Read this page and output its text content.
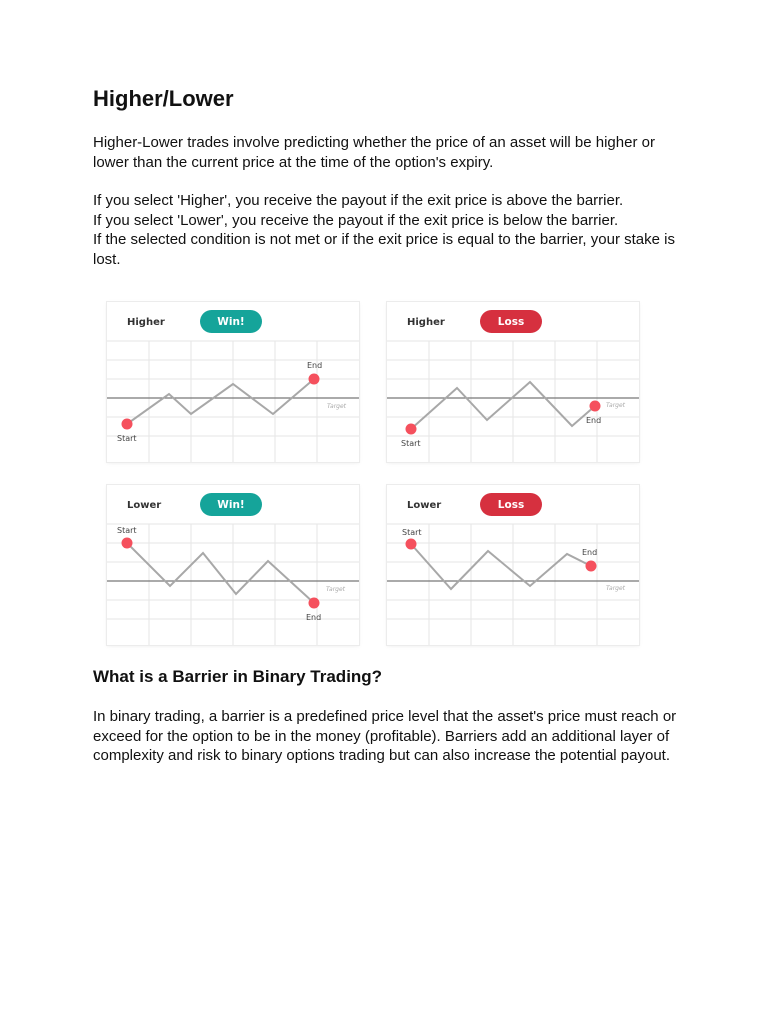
Higher/Lower

Higher-Lower trades involve predicting whether the price of an asset will be higher or lower than the current price at the time of the option's expiry.

If you select 'Higher', you receive the payout if the exit price is above the barrier.
If you select 'Lower', you receive the payout if the exit price is below the barrier.
If the selected condition is not met or if the exit price is equal to the barrier, your stake is lost.
Higher	Win!
Start
End
Target
Higher	Loss
Start
End
Target
Lower	Win!
Start
End
Target
Lower	Loss
Start
End
Target
What is a Barrier in Binary Trading?

In binary trading, a barrier is a predefined price level that the asset's price must reach or exceed for the option to be in the money (profitable). Barriers add an additional layer of complexity and risk to binary options trading but can also increase the potential payout.
